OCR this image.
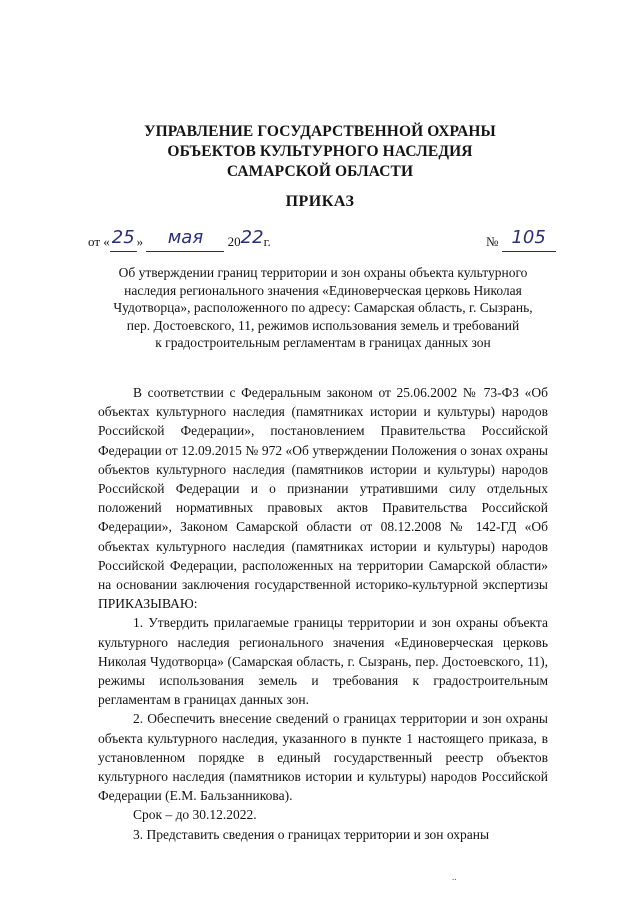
УПРАВЛЕНИЕ ГОСУДАРСТВЕННОЙ ОХРАНЫ
ОБЪЕКТОВ КУЛЬТУРНОГО НАСЛЕДИЯ
САМАРСКОЙ ОБЛАСТИ
ПРИКАЗ
от « 25 » мая 2022г.	№ 105
Об утверждении границ территории и зон охраны объекта культурного
наследия регионального значения «Единоверческая церковь Николая
Чудотворца», расположенного по адресу: Самарская область, г. Сызрань,
пер. Достоевского, 11, режимов использования земель и требований
к градостроительным регламентам в границах данных зон

В соответствии с Федеральным законом от 25.06.2002 № 73-ФЗ «Об объектах культурного наследия (памятниках истории и культуры) народов Российской Федерации», постановлением Правительства Российской Федерации от 12.09.2015 № 972 «Об утверждении Положения о зонах охраны объектов культурного наследия (памятников истории и культуры) народов Российской Федерации и о признании утратившими силу отдельных положений нормативных правовых актов Правительства Российской Федерации», Законом Самарской области от 08.12.2008 № 142-ГД «Об объектах культурного наследия (памятниках истории и культуры) народов Российской Федерации, расположенных на территории Самарской области» на основании заключения государственной историко-культурной экспертизы ПРИКАЗЫВАЮ:

1. Утвердить прилагаемые границы территории и зон охраны объекта культурного наследия регионального значения «Единоверческая церковь Николая Чудотворца» (Самарская область, г. Сызрань, пер. Достоевского, 11), режимы использования земель и требования к градостроительным регламентам в границах данных зон.

2. Обеспечить внесение сведений о границах территории и зон охраны объекта культурного наследия, указанного в пункте 1 настоящего приказа, в установленном порядке в единый государственный реестр объектов культурного наследия (памятников истории и культуры) народов Российской Федерации (Е.М. Бальзанникова).

Срок – до 30.12.2022.

3. Представить сведения о границах территории и зон охраны

..
